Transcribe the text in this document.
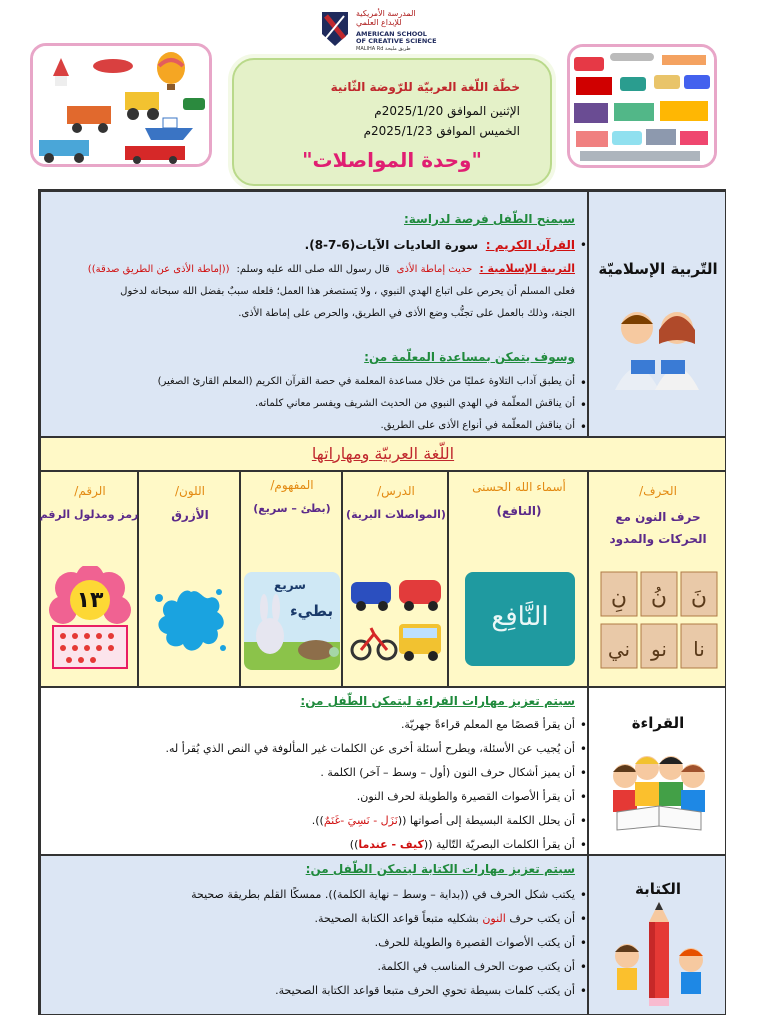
المدرسة الأمريكية
للإبداع العلمي
AMERICAN SCHOOL
OF CREATIVE SCIENCE
MALIHA Rd طريق مليحة
خطّة اللّغة العربيّة للرّوضة الثّانية
الإثنين الموافق 2025/1/20م
الخميس الموافق 2025/1/23م
"وحدة المواصلات"
سيمنح الطّفل فرصة لدراسة:
• القرآن الكريم :  سورة العاديات الآيات(6-7-8).
التربية الإسلامية :  حديث إماطة الأذى  قال رسول الله صلى الله عليه وسلم:  ((إماطة الأذى عن الطريق صدقة))
فعلى المسلم أن يحرص على اتباع الهدي النبوي ، ولا يَستصغر هذا العمل؛ فلعله سببٌ بفضل الله سبحانه لدخول
الجنة، وذلك بالعمل على تجنُّب وضع الأذى في الطريق، والحرص على إماطة الأذى.
وسوف يتمكن بمساعدة المعلّمة من:
• أن يطبق آداب التلاوة عمليًا من خلال مساعدة المعلمة في حصة القرآن الكريم (المعلم القارئ الصغير)
• أن يناقش المعلّمة في الهدي النبوي من الحديث الشريف ويفسر معاني كلماته.
• أن يناقش المعلّمة في أنواع الأذى على الطريق.
التّربية الإسلاميّة
اللّغة العربيّة ومهاراتها
الحرف/
حرف النون مع الحركات والمدود
نِ نُ نَ
ني نو نا
أسماء الله الحسنى
(النافع)
النَّافِع
الدرس/
(المواصلات البرية)
المفهوم/
(بطئ – سريع)
سريع
بطيء
اللون/
الأزرق
الرقم/
رمز ومدلول الرقم
١٣
سيتم تعزيز مهارات القراءة ليتمكن الطّفل من:
• أن يقرأ قصصًا مع المعلم قراءةً جهريّة.
• أن يُجيب عن الأسئلة، ويطرح أسئلة أخرى عن الكلمات غير المألوفة في النص الذي يُقرأ له.
• أن يميز أشكال حرف النون (أول – وسط – آخر) الكلمة .
• أن يقرأ الأصوات القصيرة والطويلة لحرف النون.
• أن يحلل الكلمة البسيطة إلى أصواتها ((نَزَل - نَسِيَ -غَنَمٌ)).
• أن يقرأ الكلمات البصريّة التّالية ((كيف - عندما))
القراءة
سيتم تعزيز مهارات الكتابة ليتمكن الطّفل من:
• يكتب شكل الحرف في ((بداية – وسط – نهاية الكلمة)). ممسكًا القلم بطريقة صحيحة
• أن يكتب حرف النون بشكليه متبعاً قواعد الكتابة الصحيحة.
• أن يكتب الأصوات القصيرة والطويلة للحرف.
• أن يكتب صوت الحرف المناسب في الكلمة.
• أن يكتب كلمات بسيطة تحوي الحرف متبعا قواعد الكتابة الصحيحة.
الكتابة
